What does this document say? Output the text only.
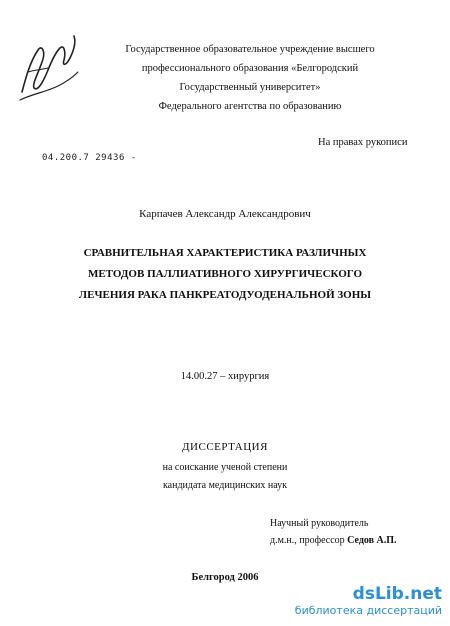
Государственное образовательное учреждение высшего
профессионального образования «Белгородский
Государственный университет»
Федерального агентства по образованию
На правах рукописи
04.200.7 29436 -
Карпачев Александр Александрович
СРАВНИТЕЛЬНАЯ ХАРАКТЕРИСТИКА РАЗЛИЧНЫХ
МЕТОДОВ ПАЛЛИАТИВНОГО ХИРУРГИЧЕСКОГО
ЛЕЧЕНИЯ РАКА ПАНКРЕАТОДУОДЕНАЛЬНОЙ ЗОНЫ
14.00.27 – хирургия
ДИССЕРТАЦИЯ
на соискание ученой степени
кандидата медицинских наук
Научный руководитель
д.м.н., профессор Седов А.П.
Белгород 2006
dsLib.net
библиотека диссертаций
